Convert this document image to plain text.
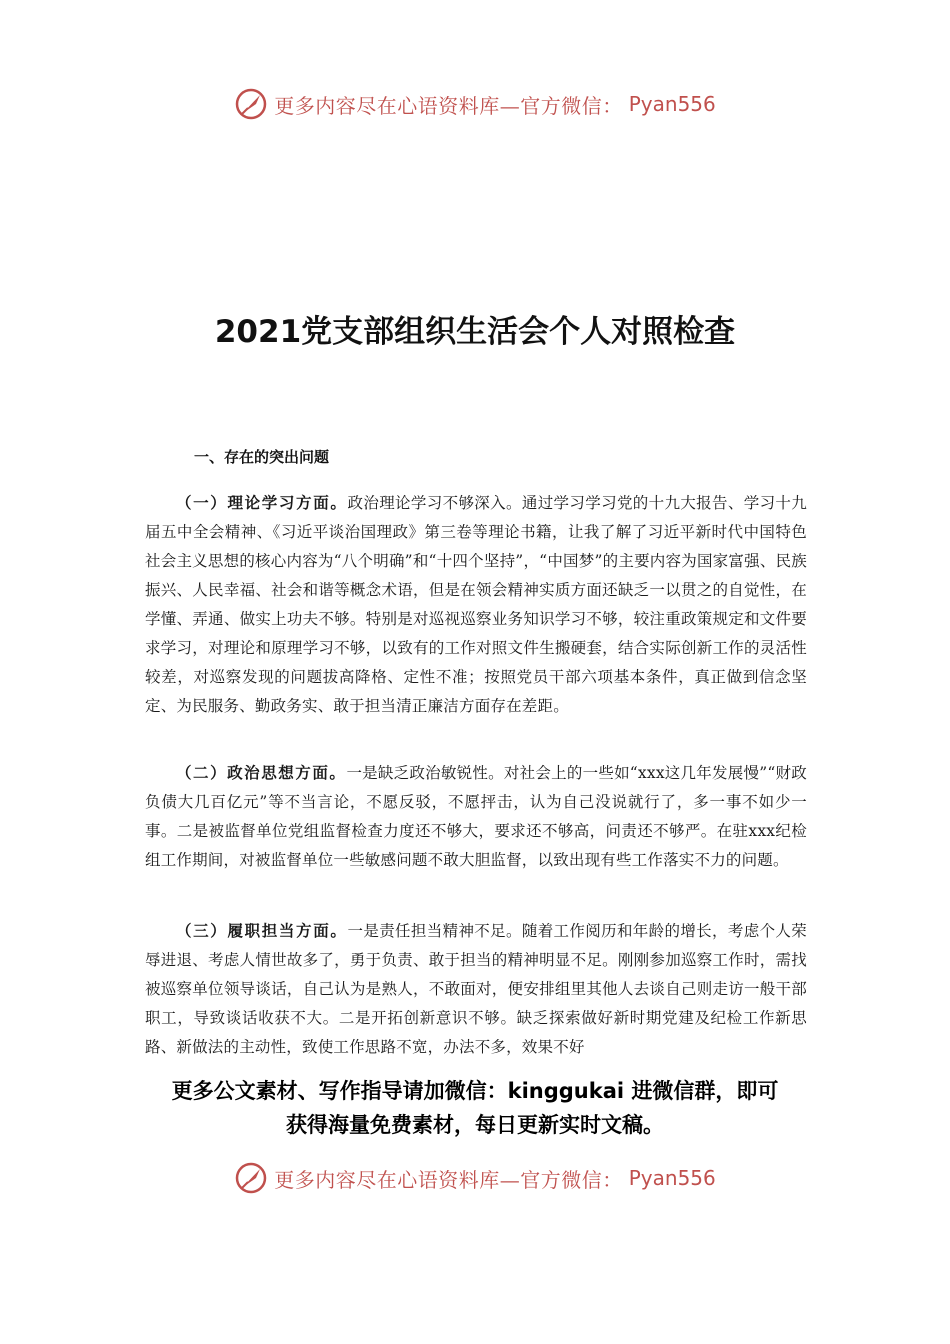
更多内容尽在心语资料库—官方微信： Pyan556
2021党支部组织生活会个人对照检查
一、存在的突出问题

（一）理论学习方面。政治理论学习不够深入。通过学习学习党的十九大报告、学习十九届五中全会精神、《习近平谈治国理政》第三卷等理论书籍，让我了解了习近平新时代中国特色社会主义思想的核心内容为“八个明确”和“十四个坚持”，“中国梦”的主要内容为国家富强、民族振兴、人民幸福、社会和谐等概念术语，但是在领会精神实质方面还缺乏一以贯之的自觉性，在学懂、弄通、做实上功夫不够。特别是对巡视巡察业务知识学习不够，较注重政策规定和文件要求学习，对理论和原理学习不够，以致有的工作对照文件生搬硬套，结合实际创新工作的灵活性较差，对巡察发现的问题拔高降格、定性不准；按照党员干部六项基本条件，真正做到信念坚定、为民服务、勤政务实、敢于担当清正廉洁方面存在差距。

（二）政治思想方面。一是缺乏政治敏锐性。对社会上的一些如“xxx这几年发展慢”“财政负债大几百亿元”等不当言论，不愿反驳，不愿抨击，认为自己没说就行了，多一事不如少一事。二是被监督单位党组监督检查力度还不够大，要求还不够高，问责还不够严。在驻xxx纪检组工作期间，对被监督单位一些敏感问题不敢大胆监督，以致出现有些工作落实不力的问题。

（三）履职担当方面。一是责任担当精神不足。随着工作阅历和年龄的增长，考虑个人荣辱进退、考虑人情世故多了，勇于负责、敢于担当的精神明显不足。刚刚参加巡察工作时，需找被巡察单位领导谈话，自己认为是熟人，不敢面对，便安排组里其他人去谈自己则走访一般干部职工，导致谈话收获不大。二是开拓创新意识不够。缺乏探索做好新时期党建及纪检工作新思路、新做法的主动性，致使工作思路不宽，办法不多，效果不好

更多公文素材、写作指导请加微信：kinggukai 进微信群，即可
获得海量免费素材，每日更新实时文稿。
更多内容尽在心语资料库—官方微信： Pyan556
